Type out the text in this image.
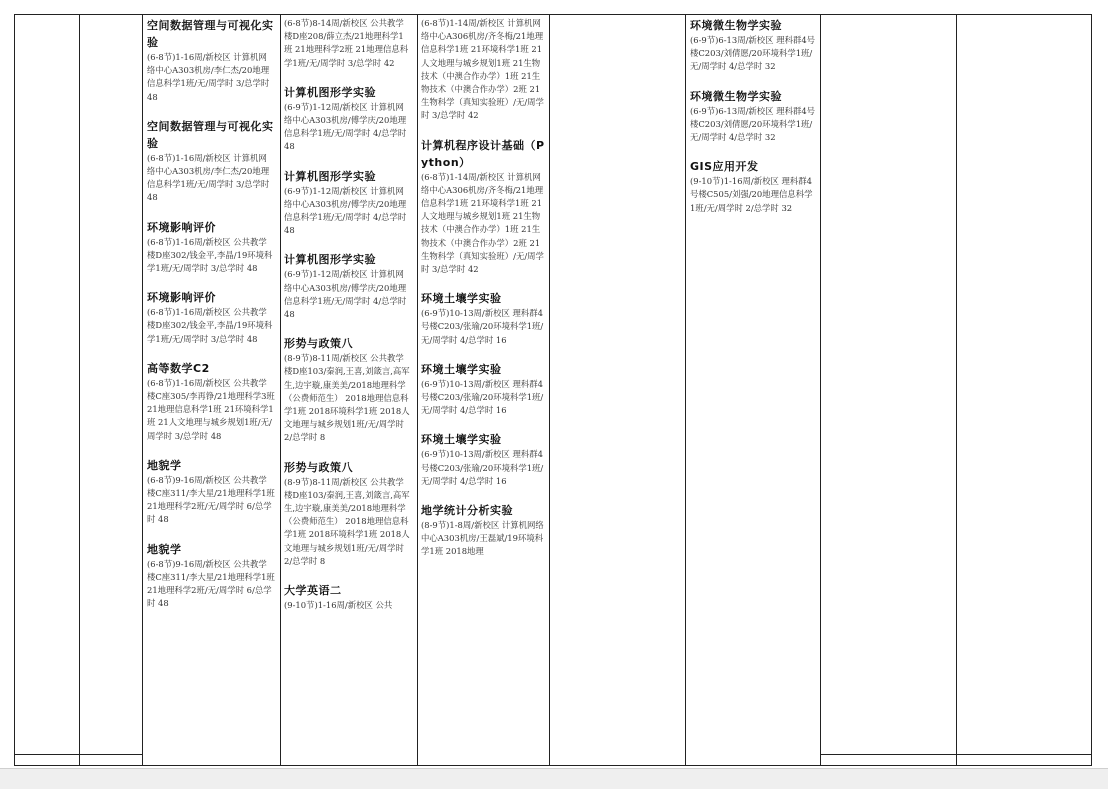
空间数据管理与可视化实验
(6-8节)1-16周/新校区 计算机网络中心A303机房/李仁杰/20地理信息科学1班/无/周学时 3/总学时 48
空间数据管理与可视化实验
(6-8节)1-16周/新校区 计算机网络中心A303机房/李仁杰/20地理信息科学1班/无/周学时 3/总学时 48
环境影响评价
(6-8节)1-16周/新校区 公共教学楼D座302/钱金平,李晶/19环境科学1班/无/周学时 3/总学时 48
环境影响评价
(6-8节)1-16周/新校区 公共教学楼D座302/钱金平,李晶/19环境科学1班/无/周学时 3/总学时 48
高等数学C2
(6-8节)1-16周/新校区 公共教学楼C座305/李再铮/21地理科学3班 21地理信息科学1班 21环境科学1班 21人文地理与城乡规划1班/无/周学时 3/总学时 48
地貌学
(6-8节)9-16周/新校区 公共教学楼C座311/李大星/21地理科学1班 21地理科学2班/无/周学时 6/总学时 48
地貌学
(6-8节)9-16周/新校区 公共教学楼C座311/李大星/21地理科学1班 21地理科学2班/无/周学时 6/总学时 48
(6-8节)8-14周/新校区 公共教学楼D座208/薛立杰/21地理科学1班 21地理科学2班 21地理信息科学1班/无/周学时 3/总学时 42
计算机图形学实验
(6-9节)1-12周/新校区 计算机网络中心A303机房/傅学庆/20地理信息科学1班/无/周学时 4/总学时 48
计算机图形学实验
(6-9节)1-12周/新校区 计算机网络中心A303机房/傅学庆/20地理信息科学1班/无/周学时 4/总学时 48
计算机图形学实验
(6-9节)1-12周/新校区 计算机网络中心A303机房/傅学庆/20地理信息科学1班/无/周学时 4/总学时 48
形势与政策八
(8-9节)8-11周/新校区 公共教学楼D座103/秦润,王喜,刘箴言,高军生,边宇璇,康美美/2018地理科学（公费师范生） 2018地理信息科学1班 2018环境科学1班 2018人文地理与城乡规划1班/无/周学时 2/总学时 8
形势与政策八
(8-9节)8-11周/新校区 公共教学楼D座103/秦润,王喜,刘箴言,高军生,边宇璇,康美美/2018地理科学（公费师范生） 2018地理信息科学1班 2018环境科学1班 2018人文地理与城乡规划1班/无/周学时 2/总学时 8
大学英语二
(9-10节)1-16周/新校区 公共
(6-8节)1-14周/新校区 计算机网络中心A306机房/齐冬梅/21地理信息科学1班 21环境科学1班 21人文地理与城乡规划1班 21生物技术（中澳合作办学）1班 21生物技术（中澳合作办学）2班 21生物科学（真知实验班）/无/周学时 3/总学时 42
计算机程序设计基础（Python）
(6-8节)1-14周/新校区 计算机网络中心A306机房/齐冬梅/21地理信息科学1班 21环境科学1班 21人文地理与城乡规划1班 21生物技术（中澳合作办学）1班 21生物技术（中澳合作办学）2班 21生物科学（真知实验班）/无/周学时 3/总学时 42
环境土壤学实验
(6-9节)10-13周/新校区 理科群4号楼C203/张瑜/20环境科学1班/无/周学时 4/总学时 16
环境土壤学实验
(6-9节)10-13周/新校区 理科群4号楼C203/张瑜/20环境科学1班/无/周学时 4/总学时 16
环境土壤学实验
(6-9节)10-13周/新校区 理科群4号楼C203/张瑜/20环境科学1班/无/周学时 4/总学时 16
地学统计分析实验
(8-9节)1-8周/新校区 计算机网络中心A303机房/王磊斌/19环境科学1班 2018地理
环境微生物学实验
(6-9节)6-13周/新校区 理科群4号楼C203/刘倩愿/20环境科学1班/无/周学时 4/总学时 32
环境微生物学实验
(6-9节)6-13周/新校区 理科群4号楼C203/刘倩愿/20环境科学1班/无/周学时 4/总学时 32
GIS应用开发
(9-10节)1-16周/新校区 理科群4号楼C505/刘强/20地理信息科学1班/无/周学时 2/总学时 32
